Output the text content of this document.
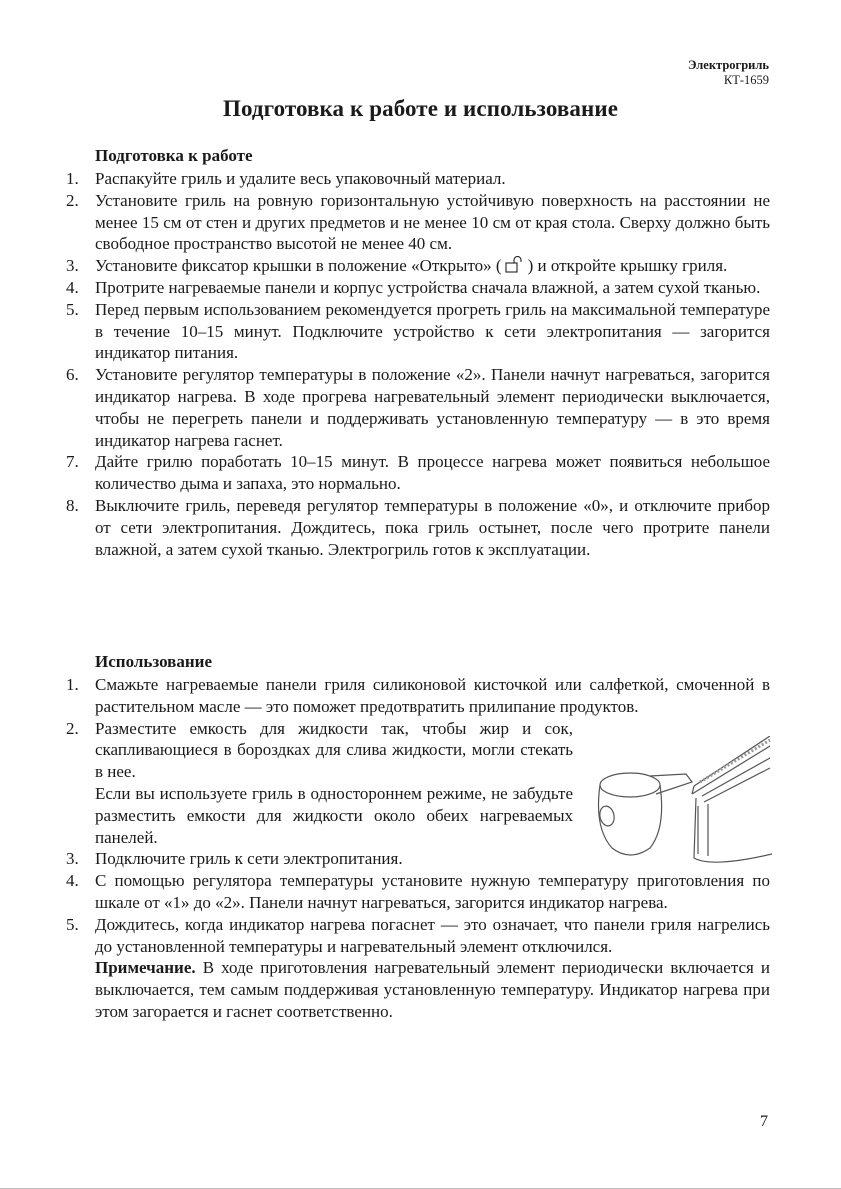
Электрогриль
КТ-1659
Подготовка к работе и использование
Подготовка к работе
1. Распакуйте гриль и удалите весь упаковочный материал.
2. Установите гриль на ровную горизонтальную устойчивую поверхность на расстоянии не менее 15 см от стен и других предметов и не менее 10 см от края стола. Сверху должно быть свободное пространство высотой не менее 40 см.
3. Установите фиксатор крышки в положение «Открыто» ( ) и откройте крышку гриля.
4. Протрите нагреваемые панели и корпус устройства сначала влажной, а затем сухой тканью.
5. Перед первым использованием рекомендуется прогреть гриль на максимальной температуре в течение 10–15 минут. Подключите устройство к сети электропитания — загорится индикатор питания.
6. Установите регулятор температуры в положение «2». Панели начнут нагреваться, загорится индикатор нагрева. В ходе прогрева нагревательный элемент периодически выключается, чтобы не перегреть панели и поддерживать установленную температуру — в это время индикатор нагрева гаснет.
7. Дайте грилю поработать 10–15 минут. В процессе нагрева может появиться небольшое количество дыма и запаха, это нормально.
8. Выключите гриль, переведя регулятор температуры в положение «0», и отключите прибор от сети электропитания. Дождитесь, пока гриль остынет, после чего протрите панели влажной, а затем сухой тканью. Электрогриль готов к эксплуатации.
Использование
1. Смажьте нагреваемые панели гриля силиконовой кисточкой или салфеткой, смоченной в растительном масле — это поможет предотвратить прилипание продуктов.
2. Разместите емкость для жидкости так, чтобы жир и сок, скапливающиеся в бороздках для слива жидкости, могли стекать в нее.
Если вы используете гриль в одностороннем режиме, не забудьте разместить емкости для жидкости около обеих нагреваемых панелей.
3. Подключите гриль к сети электропитания.
4. С помощью регулятора температуры установите нужную температуру приготовления по шкале от «1» до «2». Панели начнут нагреваться, загорится индикатор нагрева.
5. Дождитесь, когда индикатор нагрева погаснет — это означает, что панели гриля нагрелись до установленной температуры и нагревательный элемент отключился.
Примечание. В ходе приготовления нагревательный элемент периодически включается и выключается, тем самым поддерживая установленную температуру. Индикатор нагрева при этом загорается и гаснет соответственно.
7
